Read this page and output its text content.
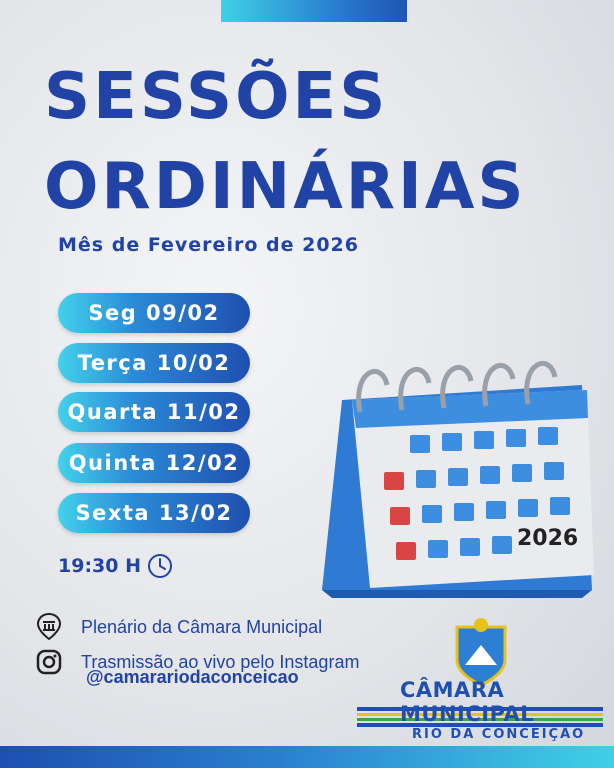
SESSÕES
ORDINÁRIAS

Mês de Fevereiro de 2026

Seg 09/02
Terça 10/02
Quarta 11/02
Quinta 12/02
Sexta 13/02
19:30 H
Plenário da Câmara Municipal
Trasmissão ao vivo pelo Instagram
@camarariodaconceicao
2026
CÂMARA MUNICIPAL
RIO DA CONCEIÇÃO
